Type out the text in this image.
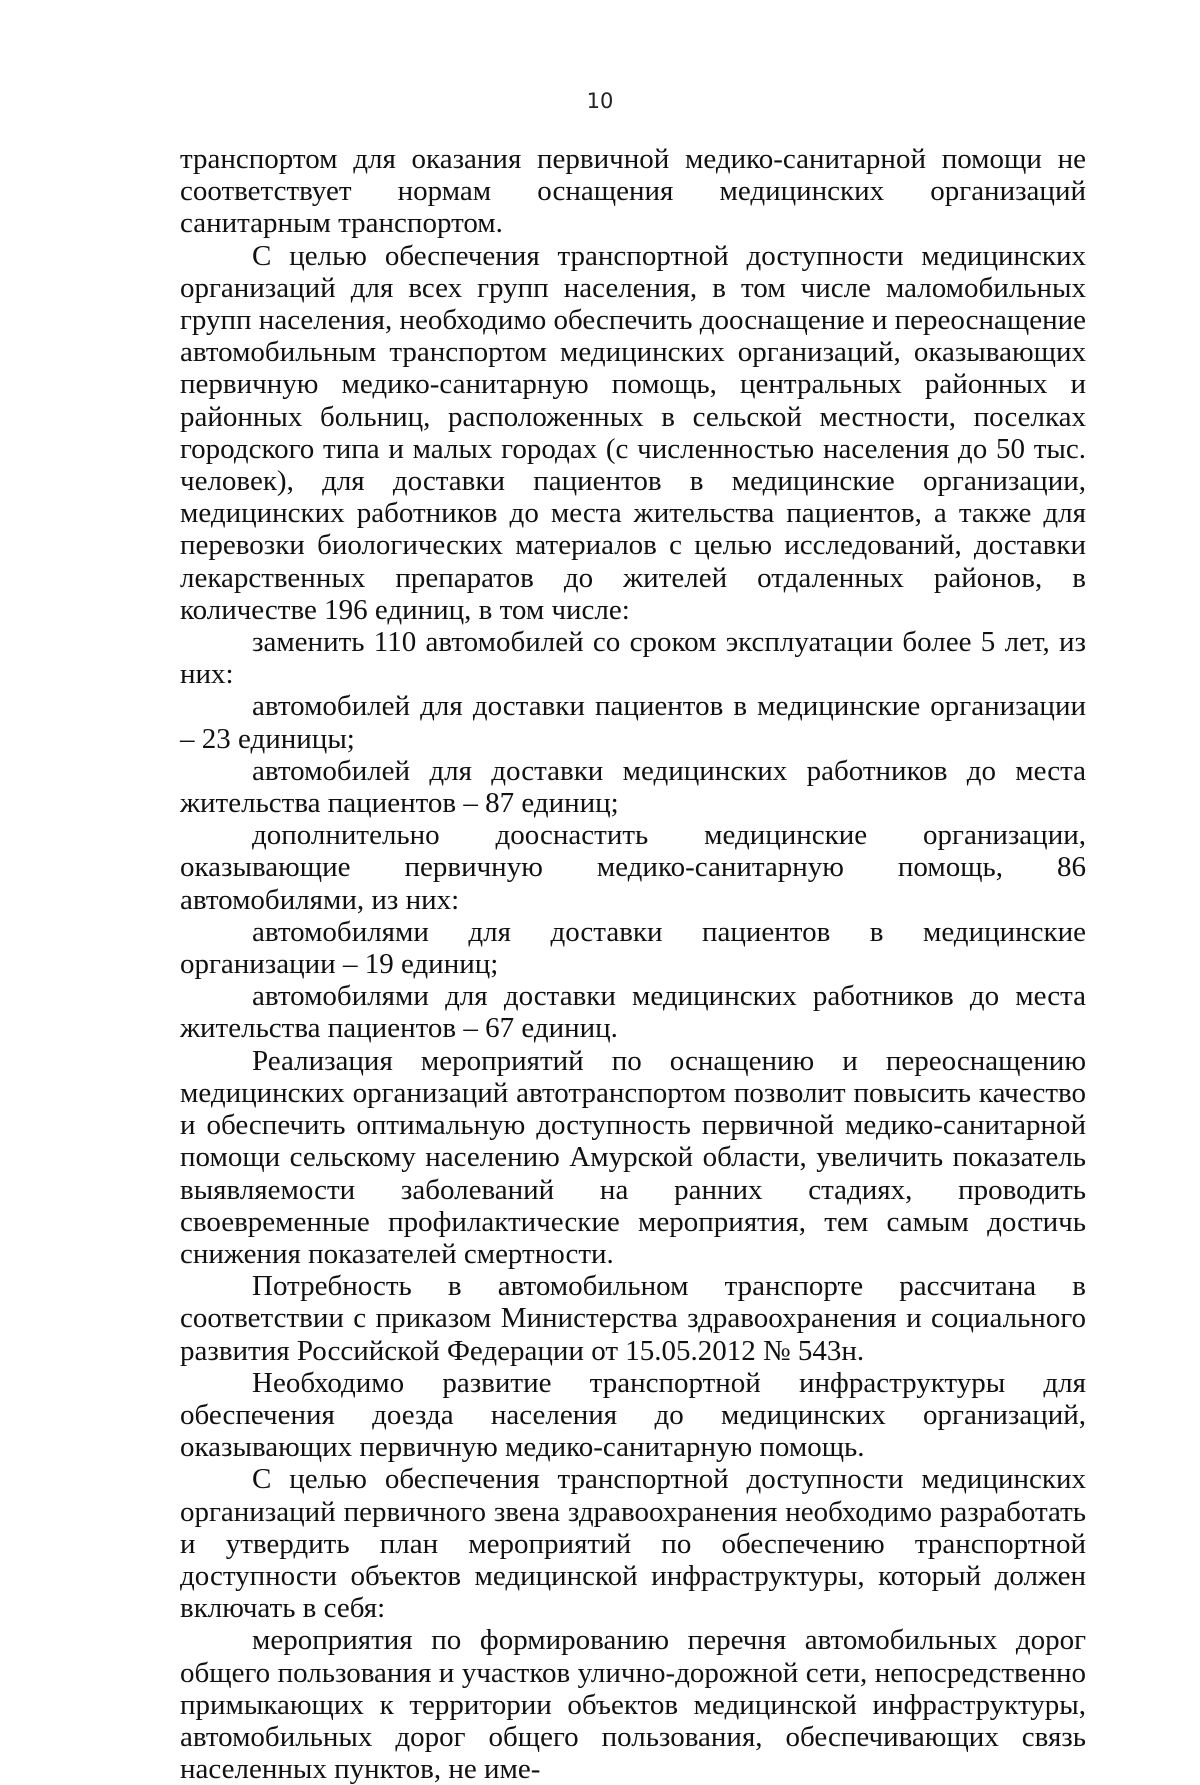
10

транспортом для оказания первичной медико-санитарной помощи не соответствует нормам оснащения медицинских организаций санитарным транспортом.

С целью обеспечения транспортной доступности медицинских организаций для всех групп населения, в том числе маломобильных групп населения, необходимо обеспечить дооснащение и переоснащение автомобильным транспортом медицинских организаций, оказывающих первичную медико-санитарную помощь, центральных районных и районных больниц, расположенных в сельской местности, поселках городского типа и малых городах (с численностью населения до 50 тыс. человек), для доставки пациентов в медицинские организации, медицинских работников до места жительства пациентов, а также для перевозки биологических материалов с целью исследований, доставки лекарственных препаратов до жителей отдаленных районов, в количестве 196 единиц, в том числе:

заменить 110 автомобилей со сроком эксплуатации более 5 лет, из них:

автомобилей для доставки пациентов в медицинские организации – 23 единицы;

автомобилей для доставки медицинских работников до места жительства пациентов – 87 единиц;

дополнительно дооснастить медицинские организации, оказывающие первичную медико-санитарную помощь, 86 автомобилями, из них:

автомобилями для доставки пациентов в медицинские организации – 19 единиц;

автомобилями для доставки медицинских работников до места жительства пациентов – 67 единиц.

Реализация мероприятий по оснащению и переоснащению медицинских организаций автотранспортом позволит повысить качество и обеспечить оптимальную доступность первичной медико-санитарной помощи сельскому населению Амурской области, увеличить показатель выявляемости заболеваний на ранних стадиях, проводить своевременные профилактические мероприятия, тем самым достичь снижения показателей смертности.

Потребность в автомобильном транспорте рассчитана в соответствии с приказом Министерства здравоохранения и социального развития Российской Федерации от 15.05.2012 № 543н.

Необходимо развитие транспортной инфраструктуры для обеспечения доезда населения до медицинских организаций, оказывающих первичную медико-санитарную помощь.

С целью обеспечения транспортной доступности медицинских организаций первичного звена здравоохранения необходимо разработать и утвердить план мероприятий по обеспечению транспортной доступности объектов медицинской инфраструктуры, который должен включать в себя:

мероприятия по формированию перечня автомобильных дорог общего пользования и участков улично-дорожной сети, непосредственно примыкающих к территории объектов медицинской инфраструктуры, автомобильных дорог общего пользования, обеспечивающих связь населенных пунктов, не име-
